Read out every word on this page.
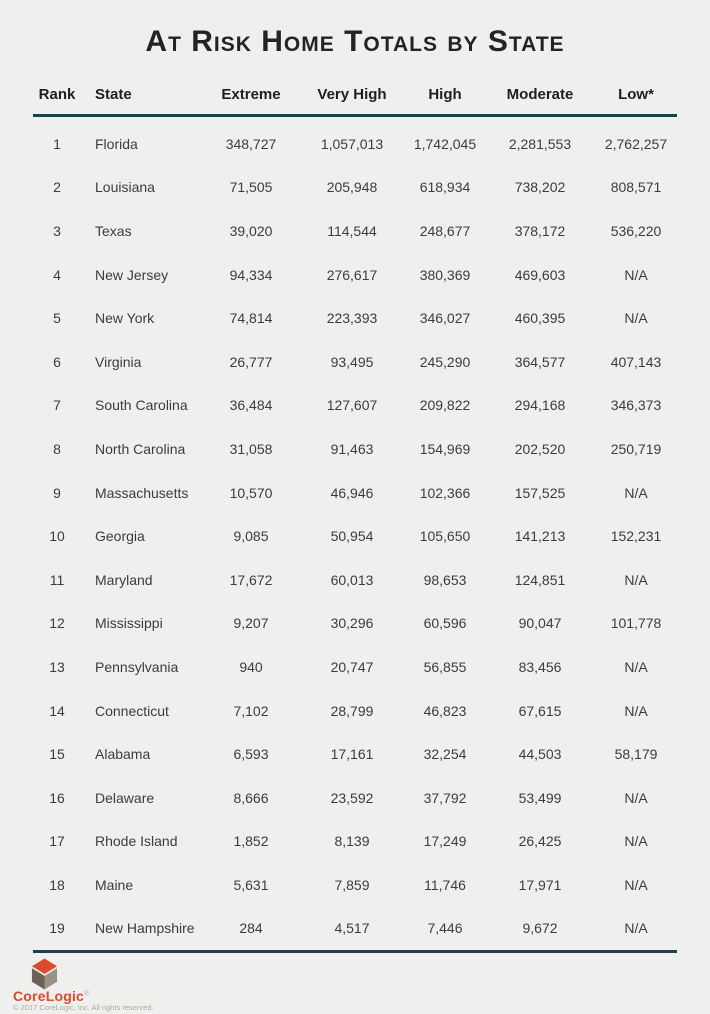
At Risk Home Totals by State
Rank	State	Extreme	Very High	High	Moderate	Low*
1	Florida	348,727	1,057,013	1,742,045	2,281,553	2,762,257
2	Louisiana	71,505	205,948	618,934	738,202	808,571
3	Texas	39,020	114,544	248,677	378,172	536,220
4	New Jersey	94,334	276,617	380,369	469,603	N/A
5	New York	74,814	223,393	346,027	460,395	N/A
6	Virginia	26,777	93,495	245,290	364,577	407,143
7	South Carolina	36,484	127,607	209,822	294,168	346,373
8	North Carolina	31,058	91,463	154,969	202,520	250,719
9	Massachusetts	10,570	46,946	102,366	157,525	N/A
10	Georgia	9,085	50,954	105,650	141,213	152,231
11	Maryland	17,672	60,013	98,653	124,851	N/A
12	Mississippi	9,207	30,296	60,596	90,047	101,778
13	Pennsylvania	940	20,747	56,855	83,456	N/A
14	Connecticut	7,102	28,799	46,823	67,615	N/A
15	Alabama	6,593	17,161	32,254	44,503	58,179
16	Delaware	8,666	23,592	37,792	53,499	N/A
17	Rhode Island	1,852	8,139	17,249	26,425	N/A
18	Maine	5,631	7,859	11,746	17,971	N/A
19	New Hampshire	284	4,517	7,446	9,672	N/A
CoreLogic®
© 2017 CoreLogic, Inc. All rights reserved.
